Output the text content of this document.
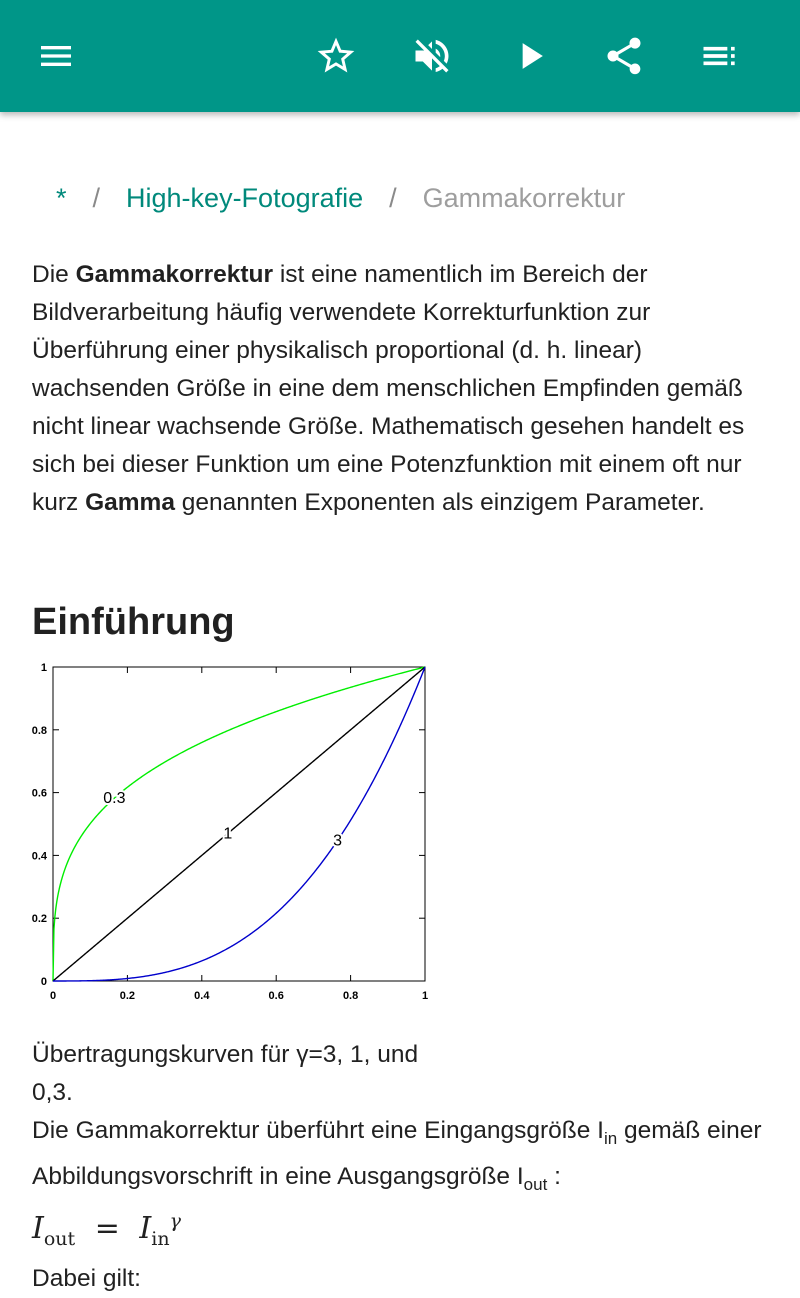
* / High-key-Fotografie / Gammakorrektur
Die Gammakorrektur ist eine namentlich im Bereich der Bildverarbeitung häufig verwendete Korrekturfunktion zur Überführung einer physikalisch proportional (d. h. linear) wachsenden Größe in eine dem menschlichen Empfinden gemäß nicht linear wachsende Größe. Mathematisch gesehen handelt es sich bei dieser Funktion um eine Potenzfunktion mit einem oft nur kurz Gamma genannten Exponenten als einzigem Parameter.
Einführung
0	0.2	0.4	0.6	0.8	1
0
0.2
0.4
0.6
0.8
1
0.3
1	3
Übertragungskurven für γ=3, 1, und 0,3.
Die Gammakorrektur überführt eine Eingangsgröße $I_{in}$ gemäß einer Abbildungsvorschrift in eine Ausgangsgröße $I_{out}$ :
$I_{out} = I_{in}^\gamma$
Dabei gilt:
